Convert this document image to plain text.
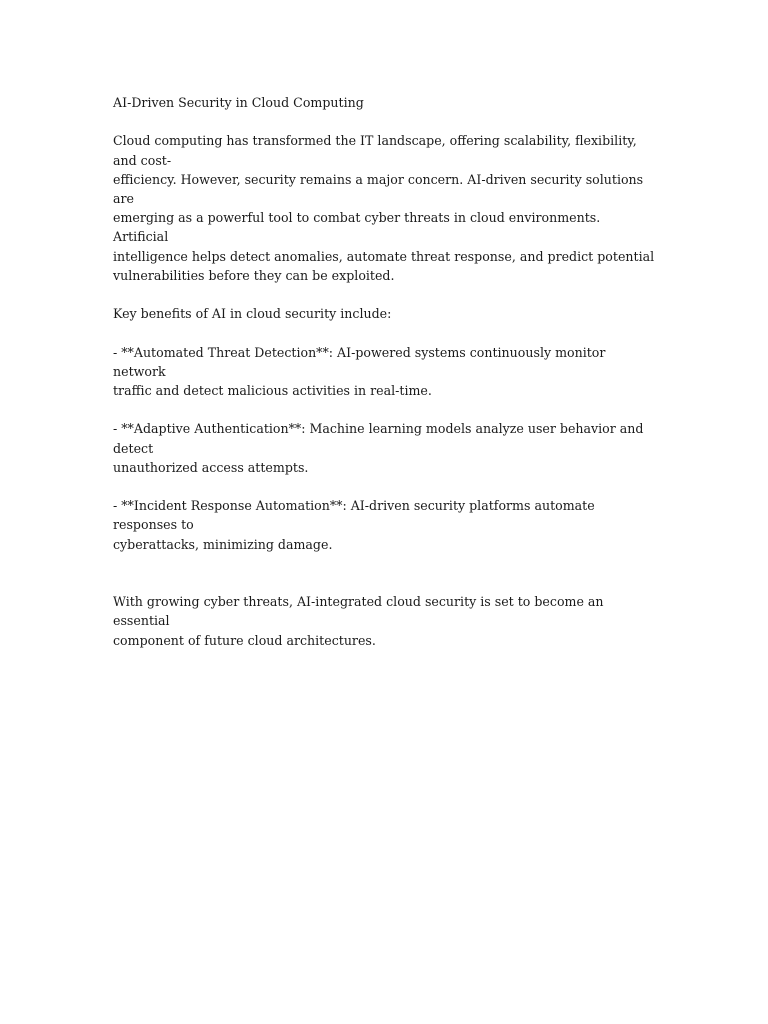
AI-Driven Security in Cloud Computing

Cloud computing has transformed the IT landscape, offering scalability, flexibility, and cost-
efficiency. However, security remains a major concern. AI-driven security solutions are
emerging as a powerful tool to combat cyber threats in cloud environments. Artificial
intelligence helps detect anomalies, automate threat response, and predict potential
vulnerabilities before they can be exploited.

Key benefits of AI in cloud security include:

- **Automated Threat Detection**: AI-powered systems continuously monitor network
traffic and detect malicious activities in real-time.

- **Adaptive Authentication**: Machine learning models analyze user behavior and detect
unauthorized access attempts.

- **Incident Response Automation**: AI-driven security platforms automate responses to
cyberattacks, minimizing damage.

With growing cyber threats, AI-integrated cloud security is set to become an essential
component of future cloud architectures.
